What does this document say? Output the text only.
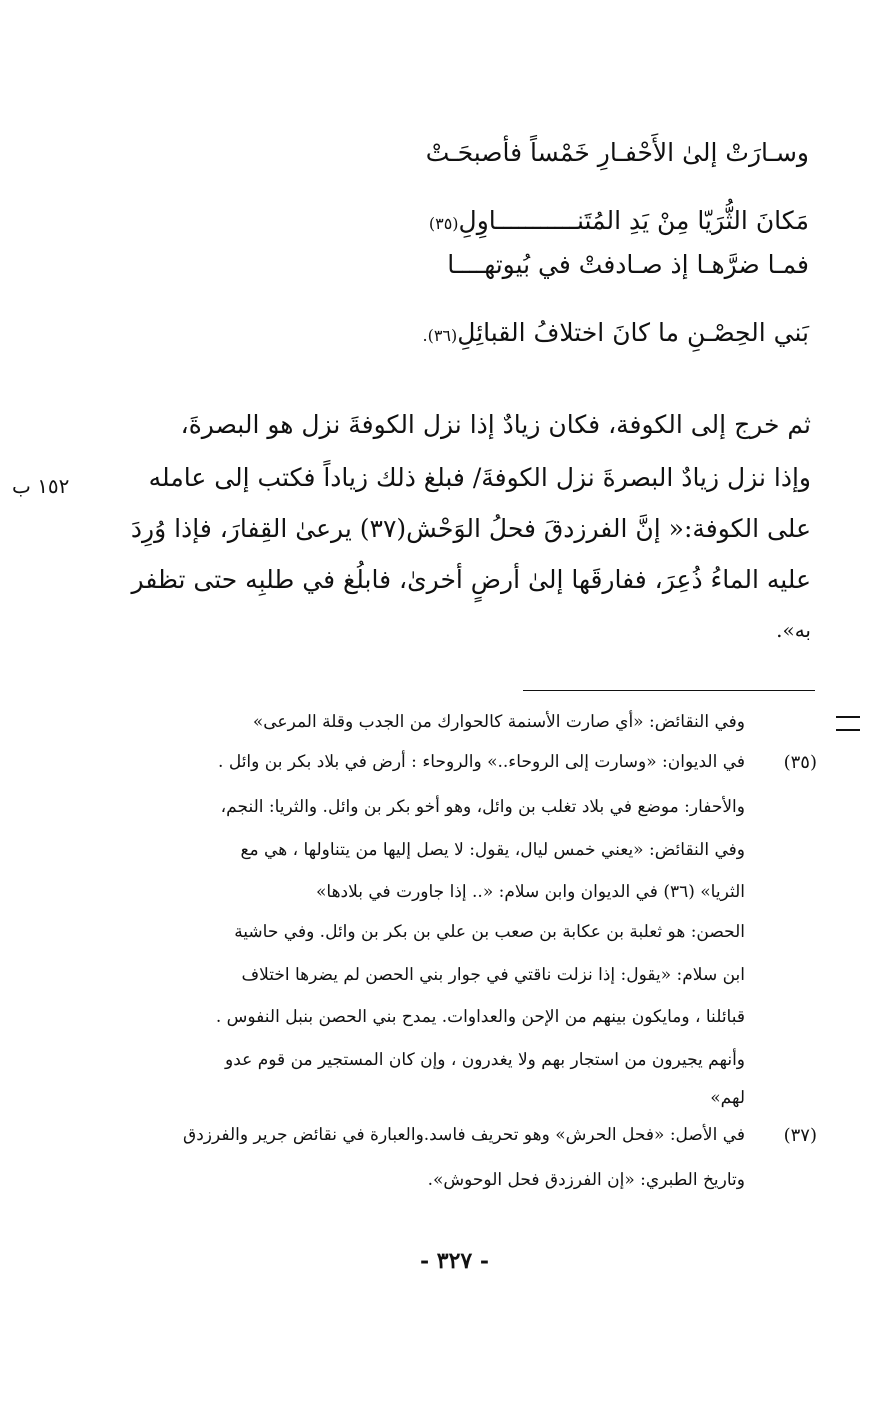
وسـارَتْ إلىٰ الأَحْفـارِ خَمْساً فأصبحَـتْ
مَكانَ الثُّرَيّا مِنْ يَدِ المُتَنـــــــــــاوِلِ(٣٥)
فمـا ضرَّهـا إذ صـادفتْ في بُيوتهــــا
بَني الحِصْـنِ ما كانَ اختلافُ القبائِلِ(٣٦).
ثم خرج إلى الكوفة، فكان زيادٌ إذا نزل الكوفةَ نزل هو البصرةَ،
وإذا نزل زيادٌ البصرةَ نزل الكوفةَ/ فبلغ ذلك زياداً فكتب إلى عامله
على الكوفة:« إنَّ الفرزدقَ فحلُ الوَحْش(٣٧) يرعىٰ القِفارَ، فإذا وُرِدَ
عليه الماءُ ذُعِرَ، ففارقَها إلىٰ أرضٍ أخرىٰ، فابلُغ في طلبِه حتى تظفر
به».
١٥٢ ب
وفي النقائض: «أي صارت الأسنمة كالحوارك من الجدب وقلة المرعى»
(٣٥)
في الديوان: «وسارت إلى الروحاء..» والروحاء : أرض في بلاد بكر بن وائل .
والأحفار: موضع في بلاد تغلب بن وائل، وهو أخو بكر بن وائل. والثريا: النجم،
وفي النقائض: «يعني خمس ليال، يقول: لا يصل إليها من يتناولها ، هي مع
الثريا» (٣٦) في الديوان وابن سلام: «.. إذا جاورت في بلادها»
الحصن: هو ثعلبة بن عكابة بن صعب بن علي بن بكر بن وائل. وفي حاشية
ابن سلام: «يقول: إذا نزلت ناقتي في جوار بني الحصن لم يضرها اختلاف
قبائلنا ، ومايكون بينهم من الإحن والعداوات. يمدح بني الحصن بنبل النفوس .
وأنهم يجيرون من استجار بهم ولا يغدرون ، وإن كان المستجير من قوم عدو
لهم»
(٣٧)
في الأصل: «فحل الحرش» وهو تحريف فاسد.والعبارة في نقائض جرير والفرزدق
وتاريخ الطبري: «إن الفرزدق فحل الوحوش».
- ٣٢٧ -
